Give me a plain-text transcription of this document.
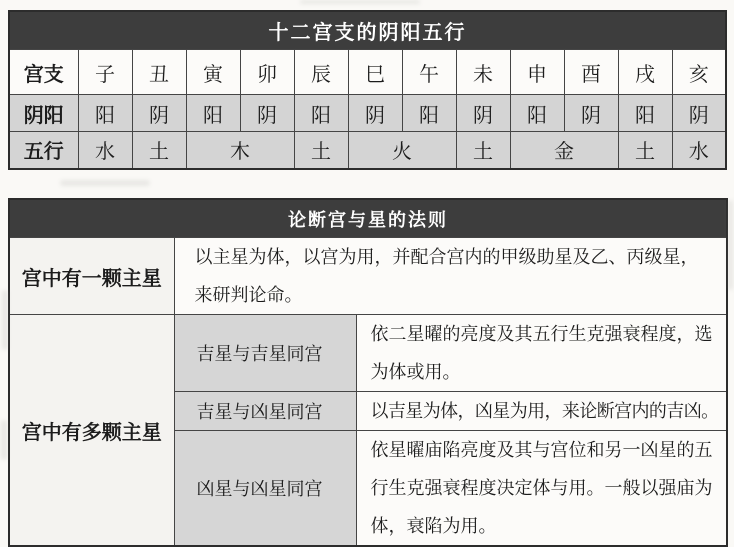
十二宫支的阴阳五行												
宫支	子	丑	寅	卯	辰	巳	午	未	申	酉	戌	亥
阴阳	阳	阴	阳	阴	阳	阴	阳	阴	阳	阴	阳	阴
五行	水	土	木		土	火		土	金		土	水
论断宫与星的法则		
宫中有一颗主星	以主星为体，以宫为用，并配合宫内的甲级助星及乙、丙级星，来研判论命。	
宫中有多颗主星	吉星与吉星同宫	依二星曜的亮度及其五行生克强衰程度，选为体或用。
	吉星与凶星同宫	以吉星为体，凶星为用，来论断宫内的吉凶。
	凶星与凶星同宫	依星曜庙陷亮度及其与宫位和另一凶星的五行生克强衰程度决定体与用。一般以强庙为体，衰陷为用。
